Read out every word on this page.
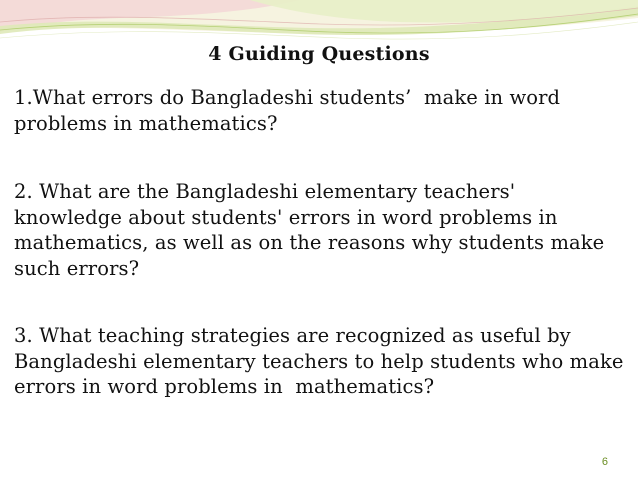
4 Guiding Questions

1.What errors do Bangladeshi students’  make in word problems in mathematics?

2. What are the Bangladeshi elementary teachers' knowledge about students' errors in word problems in mathematics, as well as on the reasons why students make such errors?

3. What teaching strategies are recognized as useful by Bangladeshi elementary teachers to help students who make errors in word problems in  mathematics?

6
